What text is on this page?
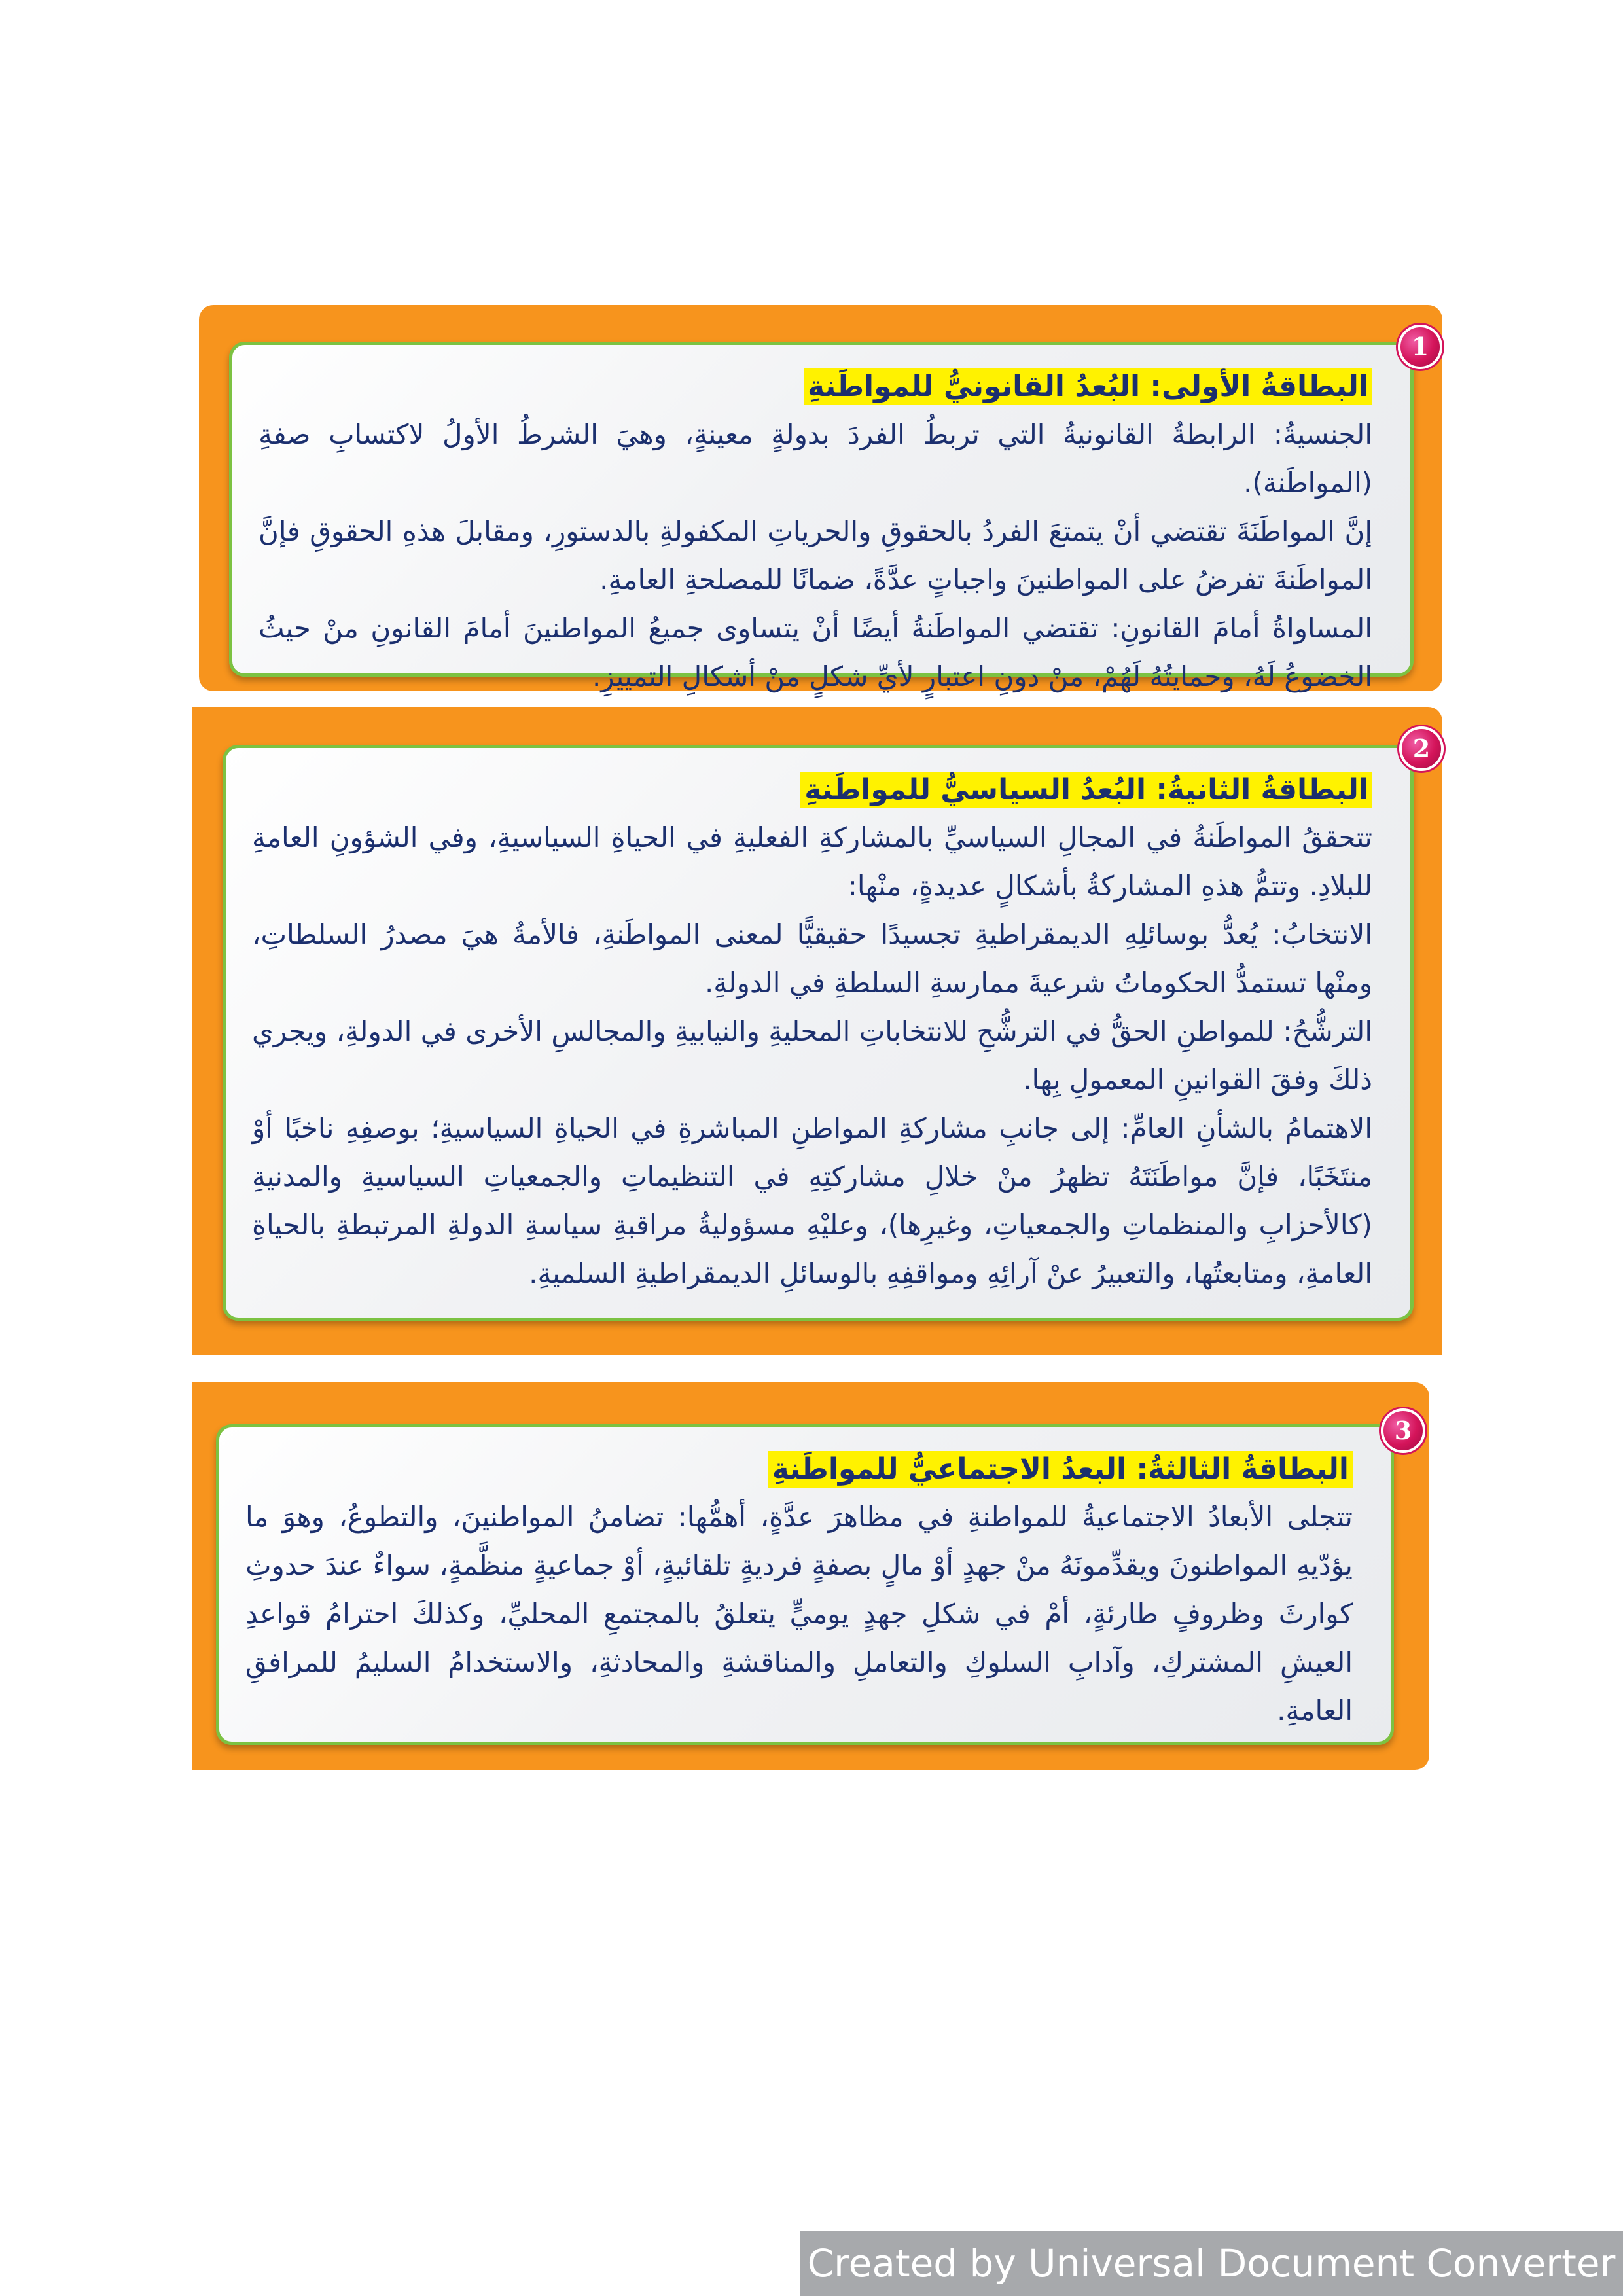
البطاقةُ الأولى: البُعدُ القانونيُّ للمواطَنةِ

الجنسيةُ: الرابطةُ القانونيةُ التي تربطُ الفردَ بدولةٍ معينةٍ، وهيَ الشرطُ الأولُ لاكتسابِ صفةِ (المواطَنة).

إنَّ المواطَنَةَ تقتضي أنْ يتمتعَ الفردُ بالحقوقِ والحرياتِ المكفولةِ بالدستورِ، ومقابلَ هذهِ الحقوقِ فإنَّ المواطَنةَ تفرضُ على المواطنينَ واجباتٍ عدَّةً، ضمانًا للمصلحةِ العامةِ.

المساواةُ أمامَ القانونِ: تقتضي المواطَنةُ أيضًا أنْ يتساوى جميعُ المواطنينَ أمامَ القانونِ منْ حيثُ الخضوعُ لَهُ، وحمايتُهُ لَهُمْ، منْ دونِ اعتبارٍ لأيِّ شكلٍ منْ أشكالِ التمييزِ.

1
البطاقةُ الثانيةُ: البُعدُ السياسيُّ للمواطَنةِ

تتحققُ المواطَنةُ في المجالِ السياسيِّ بالمشاركةِ الفعليةِ في الحياةِ السياسيةِ، وفي الشؤونِ العامةِ للبلادِ. وتتمُّ هذهِ المشاركةُ بأشكالٍ عديدةٍ، منْها:

الانتخابُ: يُعدُّ بوسائلِهِ الديمقراطيةِ تجسيدًا حقيقيًّا لمعنى المواطَنةِ، فالأمةُ هيَ مصدرُ السلطاتِ، ومنْها تستمدُّ الحكوماتُ شرعيةَ ممارسةِ السلطةِ في الدولةِ.

الترشُّحُ: للمواطنِ الحقُّ في الترشُّحِ للانتخاباتِ المحليةِ والنيابيةِ والمجالسِ الأخرى في الدولةِ، ويجري ذلكَ وفقَ القوانينِ المعمولِ بِها.

الاهتمامُ بالشأنِ العامِّ: إلى جانبِ مشاركةِ المواطنِ المباشرةِ في الحياةِ السياسيةِ؛ بوصفِهِ ناخبًا أوْ منتَخَبًا، فإنَّ مواطَنَتَهُ تظهرُ منْ خلالِ مشاركتِهِ في التنظيماتِ والجمعياتِ السياسيةِ والمدنيةِ (كالأحزابِ والمنظماتِ والجمعياتِ، وغيرِها)، وعليْهِ مسؤوليةُ مراقبةِ سياسةِ الدولةِ المرتبطةِ بالحياةِ العامةِ، ومتابعتُها، والتعبيرُ عنْ آرائِهِ ومواقفِهِ بالوسائلِ الديمقراطيةِ السلميةِ.

2
البطاقةُ الثالثةُ: البعدُ الاجتماعيُّ للمواطَنةِ

تتجلى الأبعادُ الاجتماعيةُ للمواطنةِ في مظاهرَ عدَّةٍ، أهمُّها: تضامنُ المواطنينَ، والتطوعُ، وهوَ ما يؤدّيهِ المواطنونَ ويقدِّمونَهُ منْ جهدٍ أوْ مالٍ بصفةٍ فرديةٍ تلقائيةٍ، أوْ جماعيةٍ منظَّمةٍ، سواءٌ عندَ حدوثِ كوارثَ وظروفٍ طارئةٍ، أمْ في شكلِ جهدٍ يوميٍّ يتعلقُ بالمجتمعِ المحليِّ، وكذلكَ احترامُ قواعدِ العيشِ المشتركِ، وآدابِ السلوكِ والتعاملِ والمناقشةِ والمحادثةِ، والاستخدامُ السليمُ للمرافقِ العامةِ.

3
Created by Universal Document Converter
